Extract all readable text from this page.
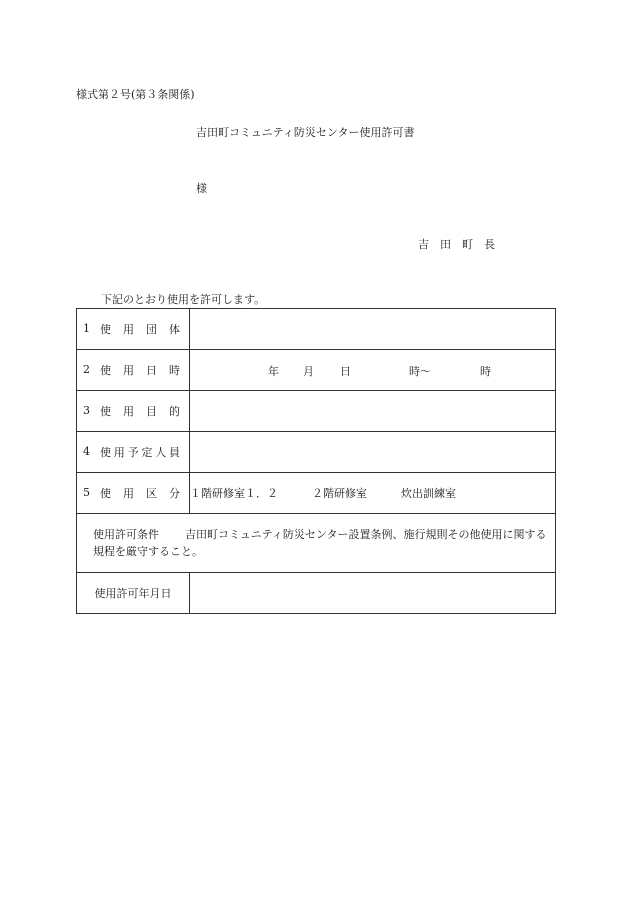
様式第２号(第３条関係)
吉田町コミュニティ防災センター使用許可書
様
吉田町長
下記のとおり使用を許可します。
1 使用団体	
2 使用日時	年 月 日 時～ 時

3 使用目的	
4 使用予定人員	
5 使用区分	１階研修室１．２ ２階研修室 炊出訓練室
使用許可条件 吉田町コミュニティ防災センター設置条例、施行規則その他使用に関する規程を厳守すること。	
使用許可年月日	
